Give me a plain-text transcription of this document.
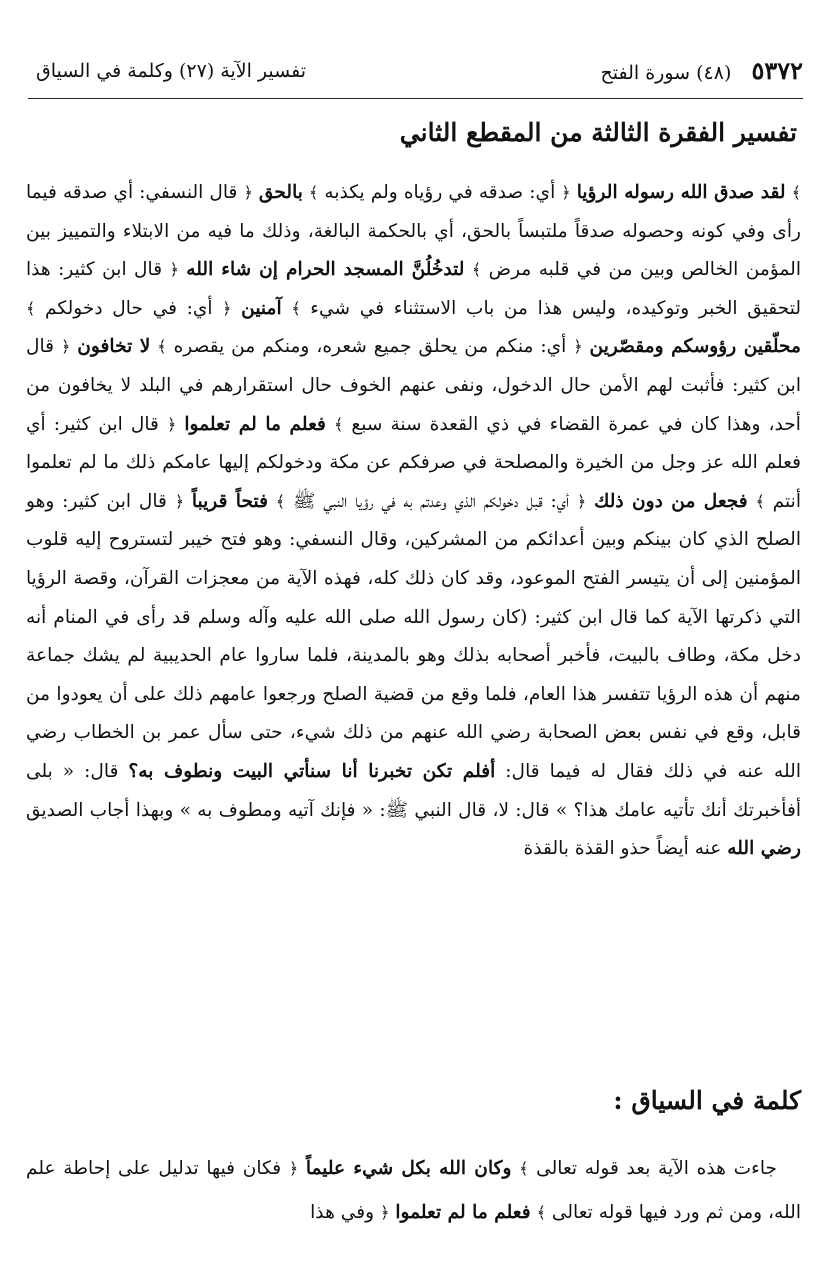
٥٣٧٢ (٤٨) سورة الفتح
تفسير الآية (٢٧) وكلمة في السياق
تفسير الفقرة الثالثة من المقطع الثاني

﴾ لقد صدق الله رسوله الرؤيا ﴿ أي: صدقه في رؤياه ولم يكذبه ﴾ بالحق ﴿ قال النسفي: أي صدقه فيما رأى وفي كونه وحصوله صدقاً ملتبساً بالحق، أي بالحكمة البالغة، وذلك ما فيه من الابتلاء والتمييز بين المؤمن الخالص وبين من في قلبه مرض ﴾ لتدخُلُنَّ المسجد الحرام إن شاء الله ﴿ قال ابن كثير: هذا لتحقيق الخبر وتوكيده، وليس هذا من باب الاستثناء في شيء ﴾ آمنين ﴿ أي: في حال دخولكم ﴾ محلّقين رؤوسكم ومقصّرين ﴿ أي: منكم من يحلق جميع شعره، ومنكم من يقصره ﴾ لا تخافون ﴿ قال ابن كثير: فأثبت لهم الأمن حال الدخول، ونفى عنهم الخوف حال استقرارهم في البلد لا يخافون من أحد، وهذا كان في عمرة القضاء في ذي القعدة سنة سبع ﴾ فعلم ما لم تعلموا ﴿ قال ابن كثير: أي فعلم الله عز وجل من الخيرة والمصلحة في صرفكم عن مكة ودخولكم إليها عامكم ذلك ما لم تعلموا أنتم ﴾ فجعل من دون ذلك ﴿ أي: قبل دخولكم الذي وعدتم به في رؤيا النبي ﷺ ﴾ فتحاً قريباً ﴿ قال ابن كثير: وهو الصلح الذي كان بينكم وبين أعدائكم من المشركين، وقال النسفي: وهو فتح خيبر لتستروح إليه قلوب المؤمنين إلى أن يتيسر الفتح الموعود، وقد كان ذلك كله، فهذه الآية من معجزات القرآن، وقصة الرؤيا التي ذكرتها الآية كما قال ابن كثير: (كان رسول الله صلى الله عليه وآله وسلم قد رأى في المنام أنه دخل مكة، وطاف بالبيت، فأخبر أصحابه بذلك وهو بالمدينة، فلما ساروا عام الحديبية لم يشك جماعة منهم أن هذه الرؤيا تتفسر هذا العام، فلما وقع من قضية الصلح ورجعوا عامهم ذلك على أن يعودوا من قابل، وقع في نفس بعض الصحابة رضي الله عنهم من ذلك شيء، حتى سأل عمر بن الخطاب رضي الله عنه في ذلك فقال له فيما قال: أفلم تكن تخبرنا أنا سنأتي البيت ونطوف به؟ قال: « بلى أفأخبرتك أنك تأتيه عامك هذا؟ » قال: لا، قال النبي ﷺ: « فإنك آتيه ومطوف به » وبهذا أجاب الصديق رضي الله عنه أيضاً حذو القذة بالقذة

كلمة في السياق :

جاءت هذه الآية بعد قوله تعالى ﴾ وكان الله بكل شيء عليماً ﴿ فكان فيها تدليل على إحاطة علم الله، ومن ثم ورد فيها قوله تعالى ﴾ فعلم ما لم تعلموا ﴿ وفي هذا
